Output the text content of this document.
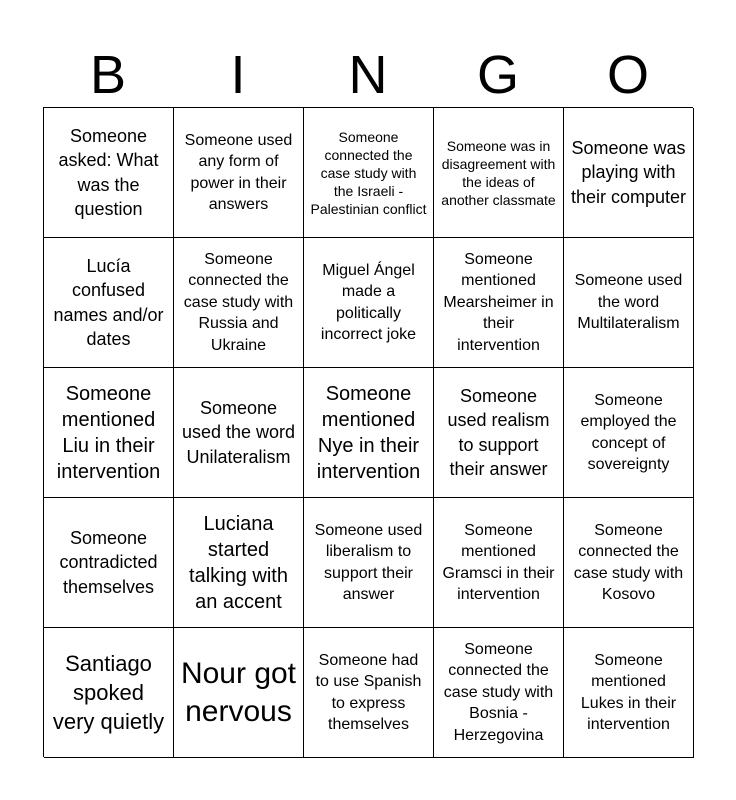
B	I	N	G	O
Someone asked: What was the question
Someone used any form of power in their answers
Someone connected the case study with the Israeli - Palestinian conflict
Someone was in disagreement with the ideas of another classmate
Someone was playing with their computer
Lucía confused names and/or dates
Someone connected the case study with Russia and Ukraine
Miguel Ángel made a politically incorrect joke
Someone mentioned Mearsheimer in their intervention
Someone used the word Multilateralism
Someone mentioned Liu in their intervention
Someone used the word Unilateralism
Someone mentioned Nye in their intervention
Someone used realism to support their answer
Someone employed the concept of sovereignty
Someone contradicted themselves
Luciana started talking with an accent
Someone used liberalism to support their answer
Someone mentioned Gramsci in their intervention
Someone connected the case study with Kosovo
Santiago spoked very quietly
Nour got nervous
Someone had to use Spanish to express themselves
Someone connected the case study with Bosnia - Herzegovina
Someone mentioned Lukes in their intervention
